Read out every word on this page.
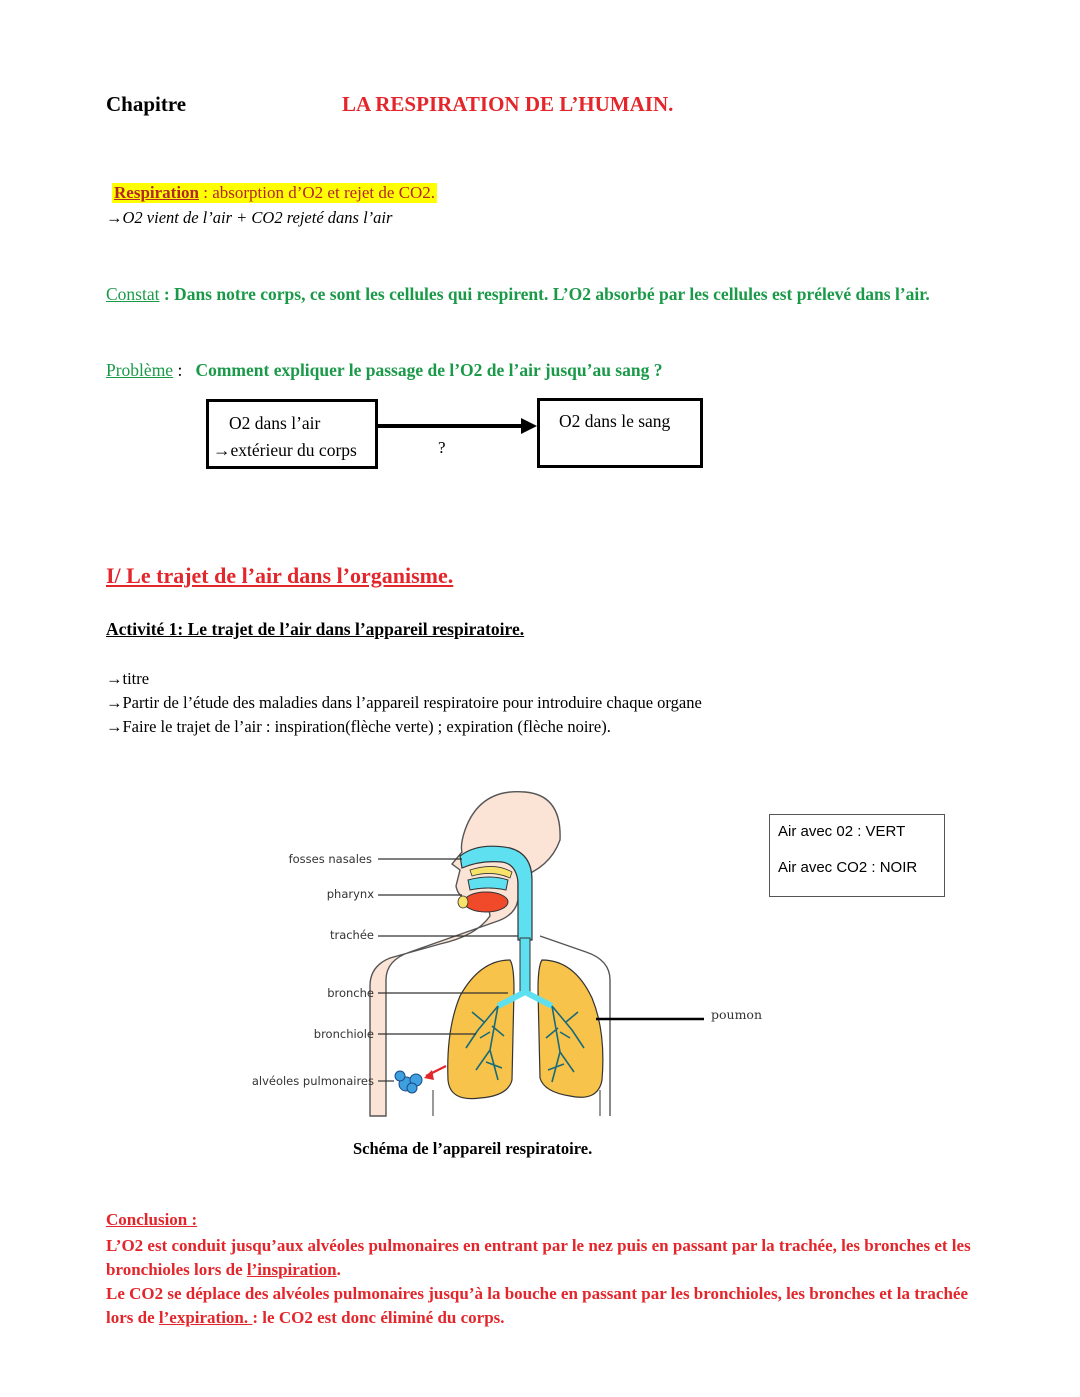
Chapitre	LA RESPIRATION DE L’HUMAIN.
Respiration : absorption d’O2 et rejet de CO2.
→O2 vient de l’air + CO2 rejeté dans l’air
Constat : Dans notre corps, ce sont les cellules qui respirent. L’O2 absorbé par les cellules est prélevé dans l’air.
Problème :   Comment expliquer le passage de l’O2 de l’air jusqu’au sang ?
O2 dans l’air
→extérieur du corps	?
O2 dans le sang
I/ Le trajet de l’air dans l’organisme.
Activité 1: Le trajet de l’air dans l’appareil respiratoire.
→titre
→Partir de l’étude des maladies dans l’appareil respiratoire pour introduire chaque organe
→Faire le trajet de l’air : inspiration(flèche verte) ; expiration (flèche noire).
fosses nasales
pharynx
trachée
bronche
bronchiole
alvéoles pulmonaires
poumon
Air avec 02 : VERT
Air avec CO2 : NOIR
Schéma de l’appareil respiratoire.
Conclusion :
L’O2 est conduit jusqu’aux alvéoles pulmonaires en entrant par le nez puis en passant par la trachée, les bronches et les bronchioles lors de l’inspiration.
Le CO2 se déplace des alvéoles pulmonaires jusqu’à la bouche en passant par les bronchioles, les bronches et la trachée lors de l’expiration. : le CO2 est donc éliminé du corps.
